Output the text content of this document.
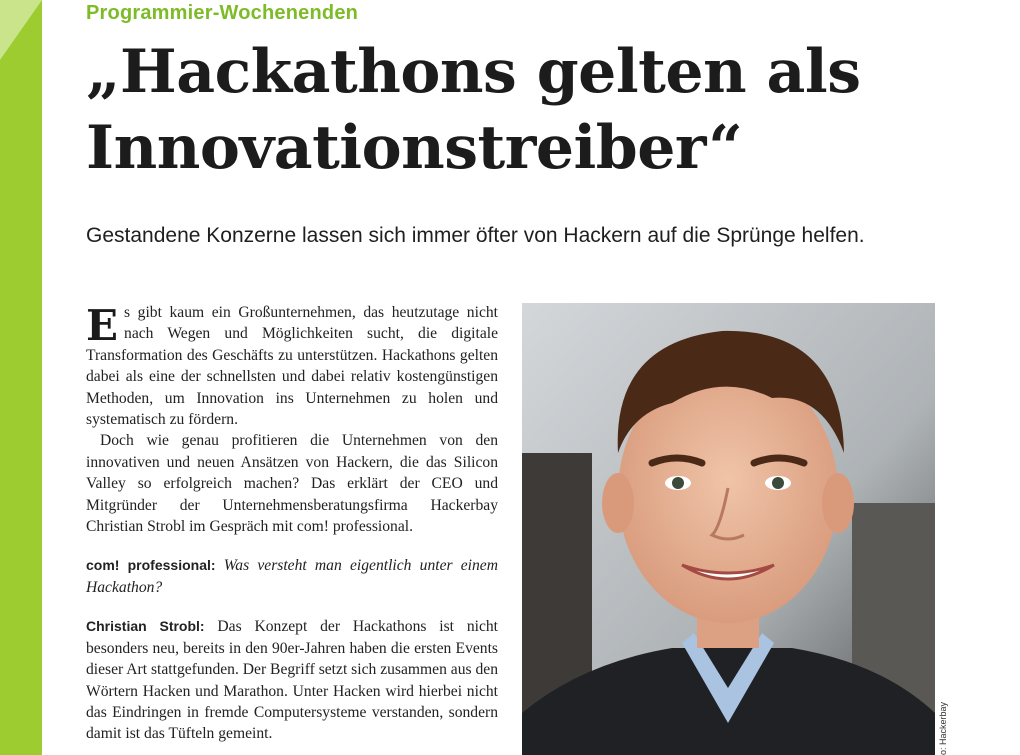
Programmier-Wochenenden
„Hackathons gelten als
Innovationstreiber“
Gestandene Konzerne lassen sich immer öfter von Hackern auf die Sprünge helfen.

Es gibt kaum ein Großunternehmen, das heutzutage nicht nach Wegen und Möglichkeiten sucht, die digitale Transformation des Geschäfts zu unterstützen. Hackathons gelten dabei als eine der schnellsten und dabei relativ kostengünstigen Methoden, um Innovation ins Unternehmen zu holen und systematisch zu fördern.

Doch wie genau profitieren die Unternehmen von den innovativen und neuen Ansätzen von Hackern, die das Silicon Valley so erfolgreich machen? Das erklärt der CEO und Mitgründer der Unternehmensberatungsfirma Hackerbay Christian Strobl im Gespräch mit com! professional.

com! professional: Was versteht man eigentlich unter einem Hackathon?

Christian Strobl: Das Konzept der Hackathons ist nicht besonders neu, bereits in den 90er-Jahren haben die ersten Events dieser Art stattgefunden. Der Begriff setzt sich zusammen aus den Wörtern Hacken und Marathon. Unter Hacken wird hierbei nicht das Eindringen in fremde Computersysteme verstanden, sondern damit ist das Tüfteln gemeint.	o: Hackerbay
